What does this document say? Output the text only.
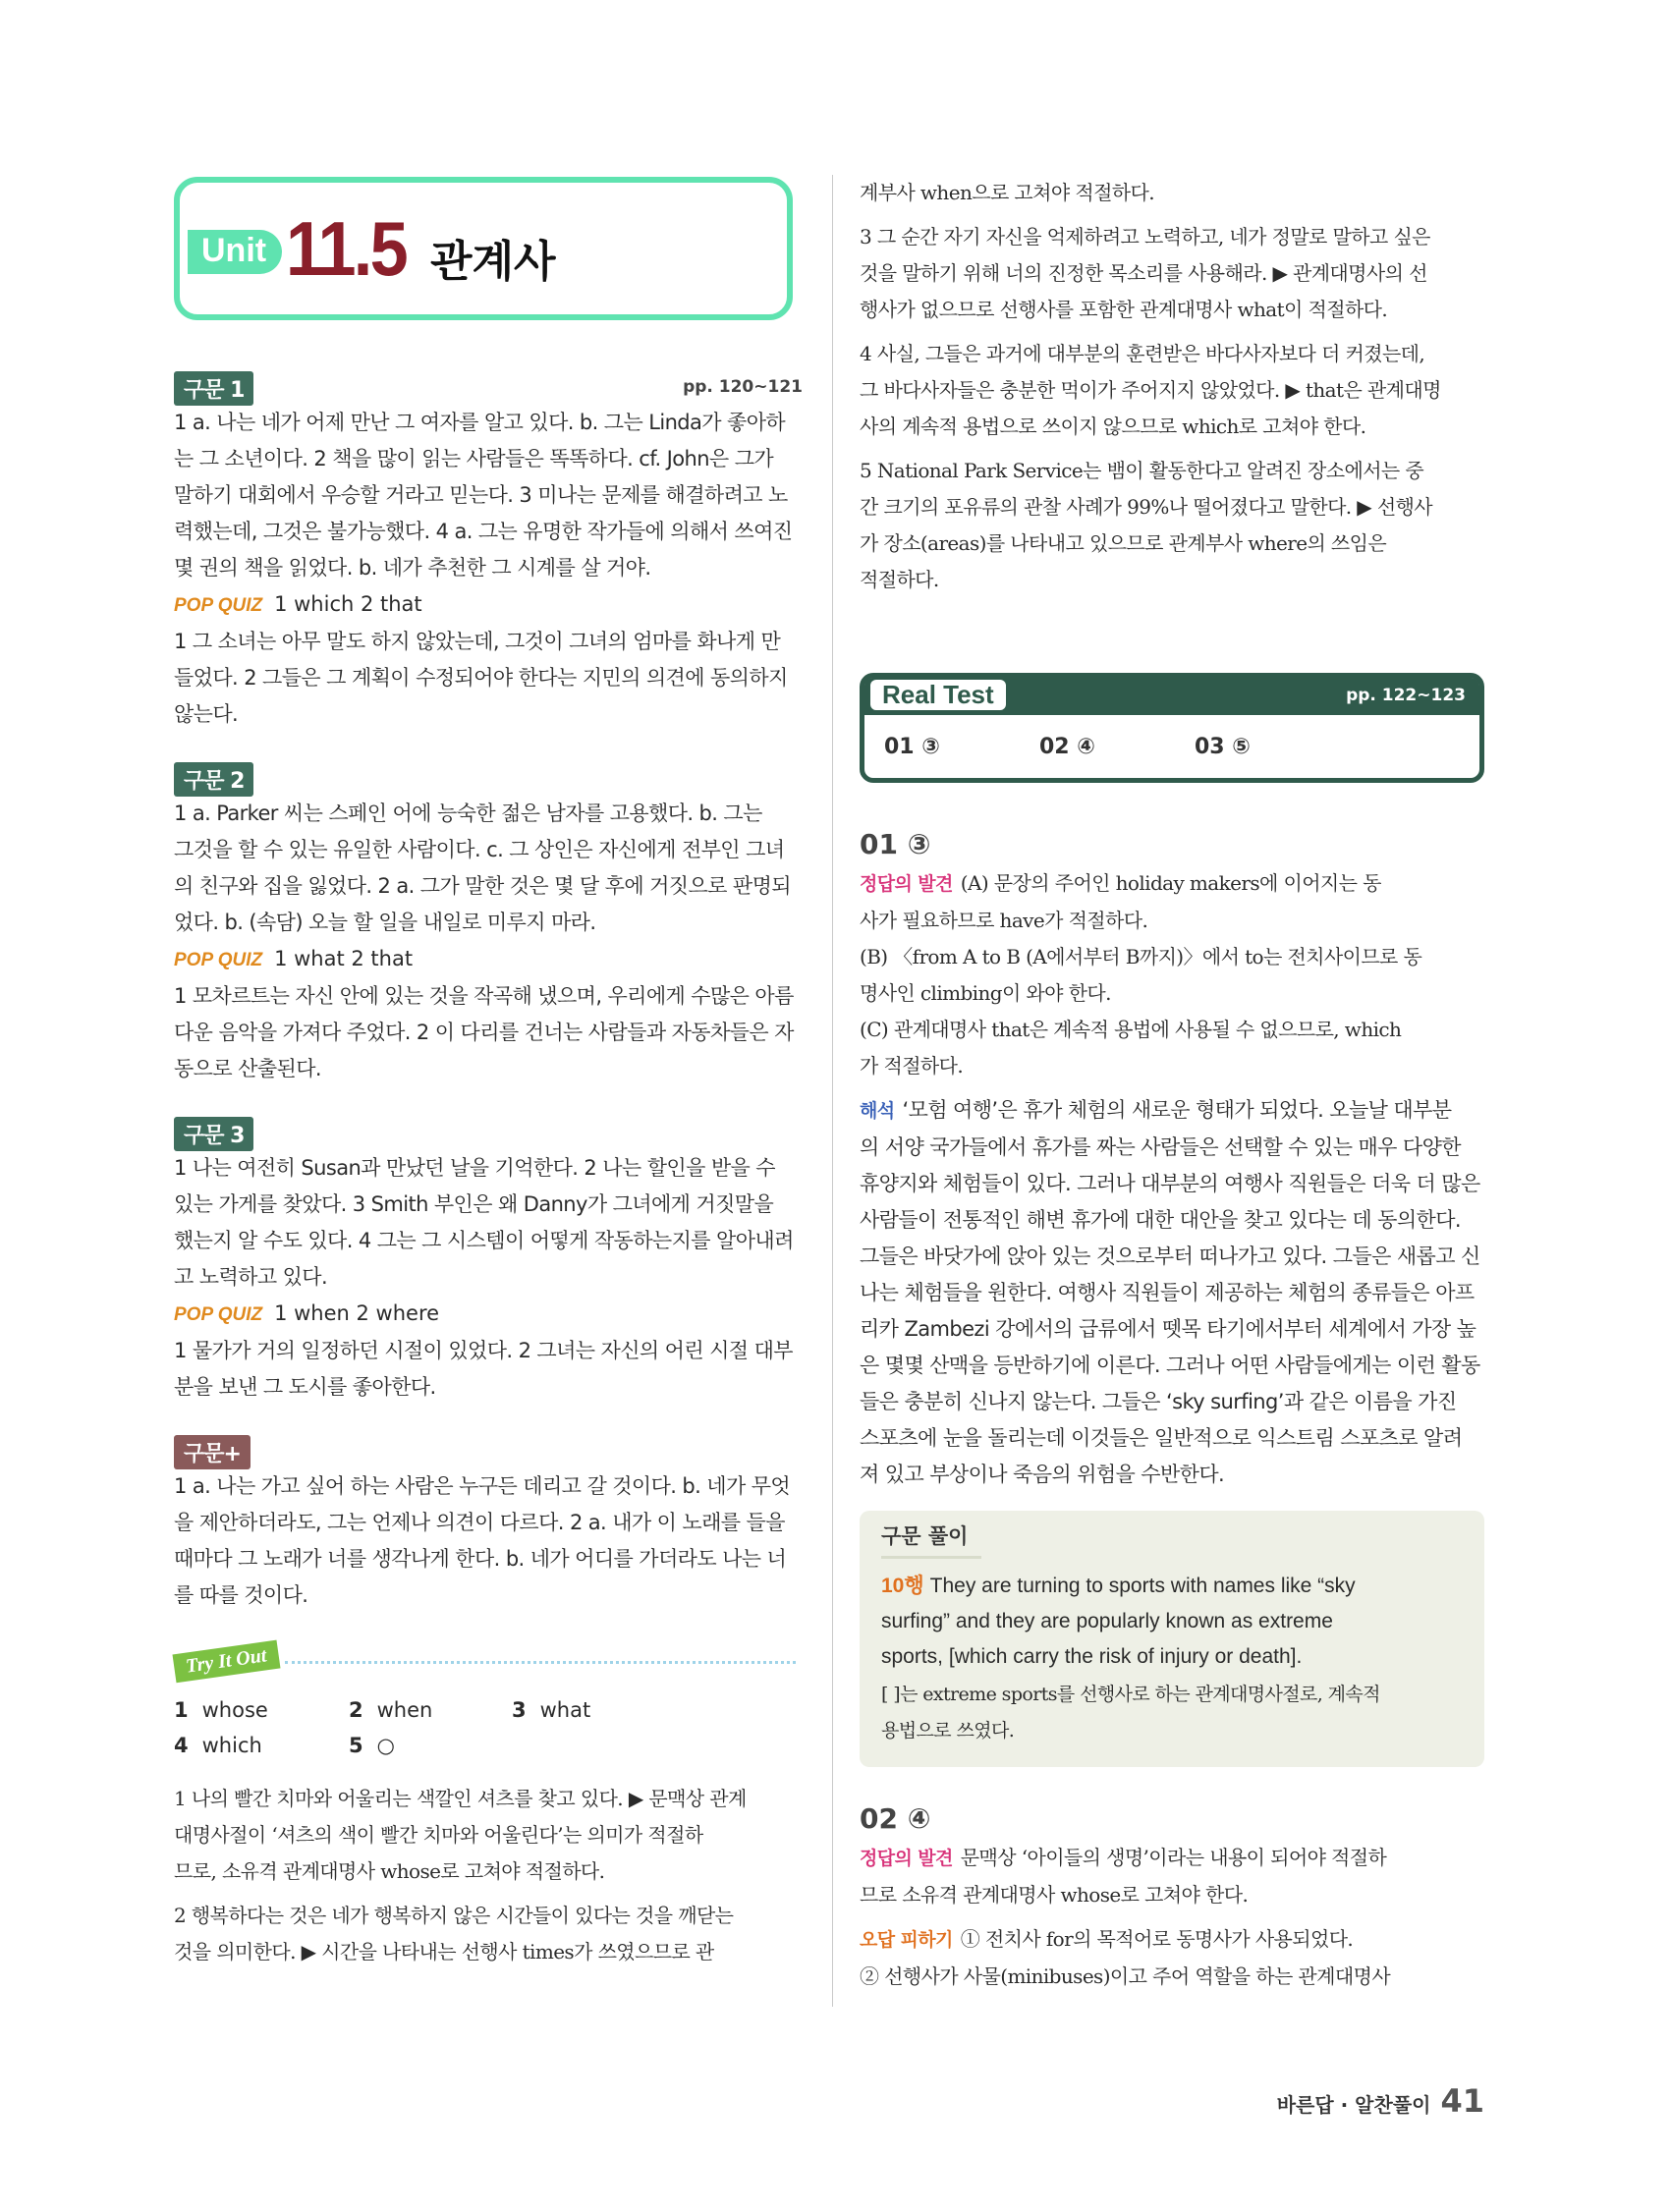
Unit 11.5 관계사
구문 1	pp. 120~121

1 a. 나는 네가 어제 만난 그 여자를 알고 있다. b. 그는 Linda가 좋아하

는 그 소년이다. 2 책을 많이 읽는 사람들은 똑똑하다. cf. John은 그가

말하기 대회에서 우승할 거라고 믿는다. 3 미나는 문제를 해결하려고 노

력했는데, 그것은 불가능했다. 4 a. 그는 유명한 작가들에 의해서 쓰여진

몇 권의 책을 읽었다. b. 네가 추천한 그 시계를 살 거야.

POP QUIZ 1 which 2 that

1 그 소녀는 아무 말도 하지 않았는데, 그것이 그녀의 엄마를 화나게 만

들었다. 2 그들은 그 계획이 수정되어야 한다는 지민의 의견에 동의하지

않는다.

구문 2

1 a. Parker 씨는 스페인 어에 능숙한 젊은 남자를 고용했다. b. 그는

그것을 할 수 있는 유일한 사람이다. c. 그 상인은 자신에게 전부인 그녀

의 친구와 집을 잃었다. 2 a. 그가 말한 것은 몇 달 후에 거짓으로 판명되

었다. b. (속담) 오늘 할 일을 내일로 미루지 마라.

POP QUIZ 1 what 2 that

1 모차르트는 자신 안에 있는 것을 작곡해 냈으며, 우리에게 수많은 아름

다운 음악을 가져다 주었다. 2 이 다리를 건너는 사람들과 자동차들은 자

동으로 산출된다.

구문 3

1 나는 여전히 Susan과 만났던 날을 기억한다. 2 나는 할인을 받을 수

있는 가게를 찾았다. 3 Smith 부인은 왜 Danny가 그녀에게 거짓말을

했는지 알 수도 있다. 4 그는 그 시스템이 어떻게 작동하는지를 알아내려

고 노력하고 있다.

POP QUIZ 1 when 2 where

1 물가가 거의 일정하던 시절이 있었다. 2 그녀는 자신의 어린 시절 대부

분을 보낸 그 도시를 좋아한다.

구문+

1 a. 나는 가고 싶어 하는 사람은 누구든 데리고 갈 것이다. b. 네가 무엇

을 제안하더라도, 그는 언제나 의견이 다르다. 2 a. 내가 이 노래를 들을

때마다 그 노래가 너를 생각나게 한다. b. 네가 어디를 가더라도 나는 너

를 따를 것이다.

Try It Out
1 whose	2 when	3 what
4 which	5 ○

1 나의 빨간 치마와 어울리는 색깔인 셔츠를 찾고 있다. ▶ 문맥상 관계

대명사절이 ‘셔츠의 색이 빨간 치마와 어울린다’는 의미가 적절하

므로, 소유격 관계대명사 whose로 고쳐야 적절하다.

2 행복하다는 것은 네가 행복하지 않은 시간들이 있다는 것을 깨닫는

것을 의미한다. ▶ 시간을 나타내는 선행사 times가 쓰였으므로 관

계부사 when으로 고쳐야 적절하다.

3 그 순간 자기 자신을 억제하려고 노력하고, 네가 정말로 말하고 싶은

것을 말하기 위해 너의 진정한 목소리를 사용해라. ▶ 관계대명사의 선

행사가 없으므로 선행사를 포함한 관계대명사 what이 적절하다.

4 사실, 그들은 과거에 대부분의 훈련받은 바다사자보다 더 커졌는데,

그 바다사자들은 충분한 먹이가 주어지지 않았었다. ▶ that은 관계대명

사의 계속적 용법으로 쓰이지 않으므로 which로 고쳐야 한다.

5 National Park Service는 뱀이 활동한다고 알려진 장소에서는 중

간 크기의 포유류의 관찰 사례가 99%나 떨어졌다고 말한다. ▶ 선행사

가 장소(areas)를 나타내고 있으므로 관계부사 where의 쓰임은

적절하다.

Real Test	pp. 122~123
01 ③	02 ④	03 ⑤
01 ③

정답의 발견 (A) 문장의 주어인 holiday makers에 이어지는 동

사가 필요하므로 have가 적절하다.

(B) 〈from A to B (A에서부터 B까지)〉에서 to는 전치사이므로 동

명사인 climbing이 와야 한다.

(C) 관계대명사 that은 계속적 용법에 사용될 수 없으므로, which

가 적절하다.

해석 ‘모험 여행’은 휴가 체험의 새로운 형태가 되었다. 오늘날 대부분

의 서양 국가들에서 휴가를 짜는 사람들은 선택할 수 있는 매우 다양한

휴양지와 체험들이 있다. 그러나 대부분의 여행사 직원들은 더욱 더 많은

사람들이 전통적인 해변 휴가에 대한 대안을 찾고 있다는 데 동의한다.

그들은 바닷가에 앉아 있는 것으로부터 떠나가고 있다. 그들은 새롭고 신

나는 체험들을 원한다. 여행사 직원들이 제공하는 체험의 종류들은 아프

리카 Zambezi 강에서의 급류에서 뗏목 타기에서부터 세계에서 가장 높

은 몇몇 산맥을 등반하기에 이른다. 그러나 어떤 사람들에게는 이런 활동

들은 충분히 신나지 않는다. 그들은 ‘sky surfing’과 같은 이름을 가진

스포츠에 눈을 돌리는데 이것들은 일반적으로 익스트림 스포츠로 알려

져 있고 부상이나 죽음의 위험을 수반한다.

구문 풀이

10행 They are turning to sports with names like “sky

surfing” and they are popularly known as extreme

sports, [which carry the risk of injury or death].

[ ]는 extreme sports를 선행사로 하는 관계대명사절로, 계속적

용법으로 쓰였다.

02 ④

정답의 발견 문맥상 ‘아이들의 생명’이라는 내용이 되어야 적절하

므로 소유격 관계대명사 whose로 고쳐야 한다.

오답 피하기 ① 전치사 for의 목적어로 동명사가 사용되었다.

② 선행사가 사물(minibuses)이고 주어 역할을 하는 관계대명사

바른답 · 알찬풀이 41
